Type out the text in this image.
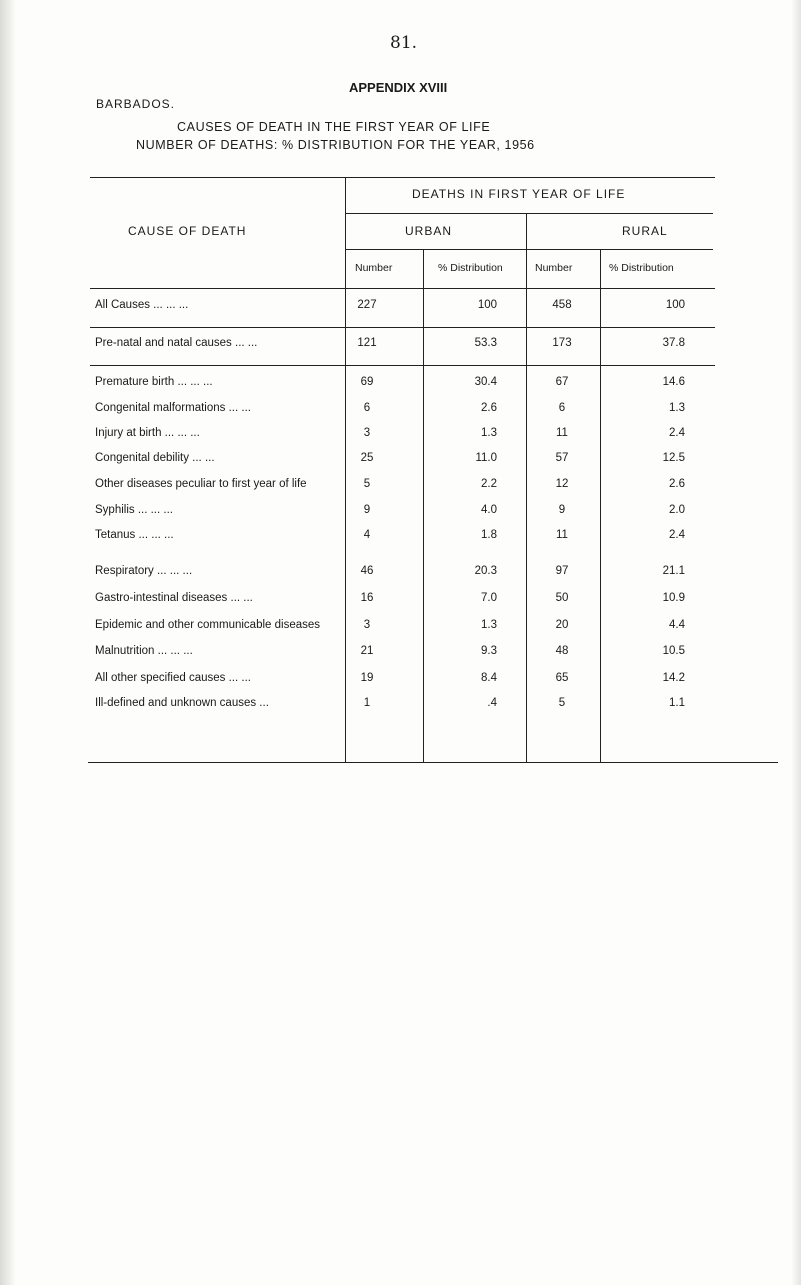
81.
APPENDIX XVIII
BARBADOS.
CAUSES OF DEATH IN THE FIRST YEAR OF LIFE
NUMBER OF DEATHS: % DISTRIBUTION FOR THE YEAR, 1956
CAUSE OF DEATH
DEATHS IN FIRST YEAR OF LIFE
URBAN	RURAL
Number	% Distribution	Number	% Distribution
All Causes ... ... ...	227	100	458	100
Pre-natal and natal causes ... ...	121	53.3	173	37.8
Premature birth ... ... ...	69	30.4	67	14.6
Congenital malformations ... ...	6	2.6	6	1.3
Injury at birth ... ... ...	3	1.3	11	2.4
Congenital debility ... ...	25	11.0	57	12.5
Other diseases peculiar to first year of life	5	2.2	12	2.6
Syphilis ... ... ...	9	4.0	9	2.0
Tetanus ... ... ...	4	1.8	11	2.4
Respiratory ... ... ...	46	20.3	97	21.1
Gastro-intestinal diseases ... ...	16	7.0	50	10.9
Epidemic and other communicable diseases	3	1.3	20	4.4
Malnutrition ... ... ...	21	9.3	48	10.5
All other specified causes ... ...	19	8.4	65	14.2
Ill-defined and unknown causes ...	1	.4	5	1.1
